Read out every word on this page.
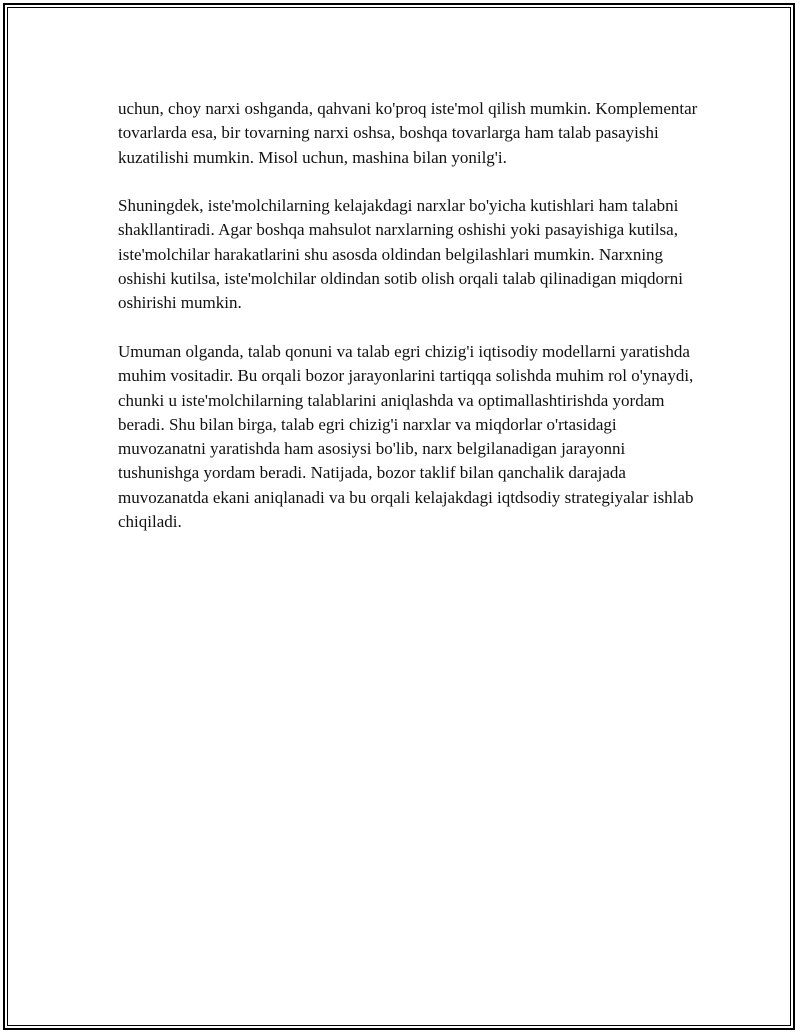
uchun, choy narxi oshganda, qahvani ko'proq iste'mol qilish mumkin. Komplementar tovarlarda esa, bir tovarning narxi oshsa, boshqa tovarlarga ham talab pasayishi kuzatilishi mumkin. Misol uchun, mashina bilan yonilg'i.

Shuningdek, iste'molchilarning kelajakdagi narxlar bo'yicha kutishlari ham talabni shakllantiradi. Agar boshqa mahsulot narxlarning oshishi yoki pasayishiga kutilsa, iste'molchilar harakatlarini shu asosda oldindan belgilashlari mumkin. Narxning oshishi kutilsa, iste'molchilar oldindan sotib olish orqali talab qilinadigan miqdorni oshirishi mumkin.

Umuman olganda, talab qonuni va talab egri chizig'i iqtisodiy modellarni yaratishda muhim vositadir. Bu orqali bozor jarayonlarini tartiqqa solishda muhim rol o'ynaydi, chunki u iste'molchilarning talablarini aniqlashda va optimallashtirishda yordam beradi. Shu bilan birga, talab egri chizig'i narxlar va miqdorlar o'rtasidagi muvozanatni yaratishda ham asosiysi bo'lib, narx belgilanadigan jarayonni tushunishga yordam beradi. Natijada, bozor taklif bilan qanchalik darajada muvozanatda ekani aniqlanadi va bu orqali kelajakdagi iqtdsodiy strategiyalar ishlab chiqiladi.
